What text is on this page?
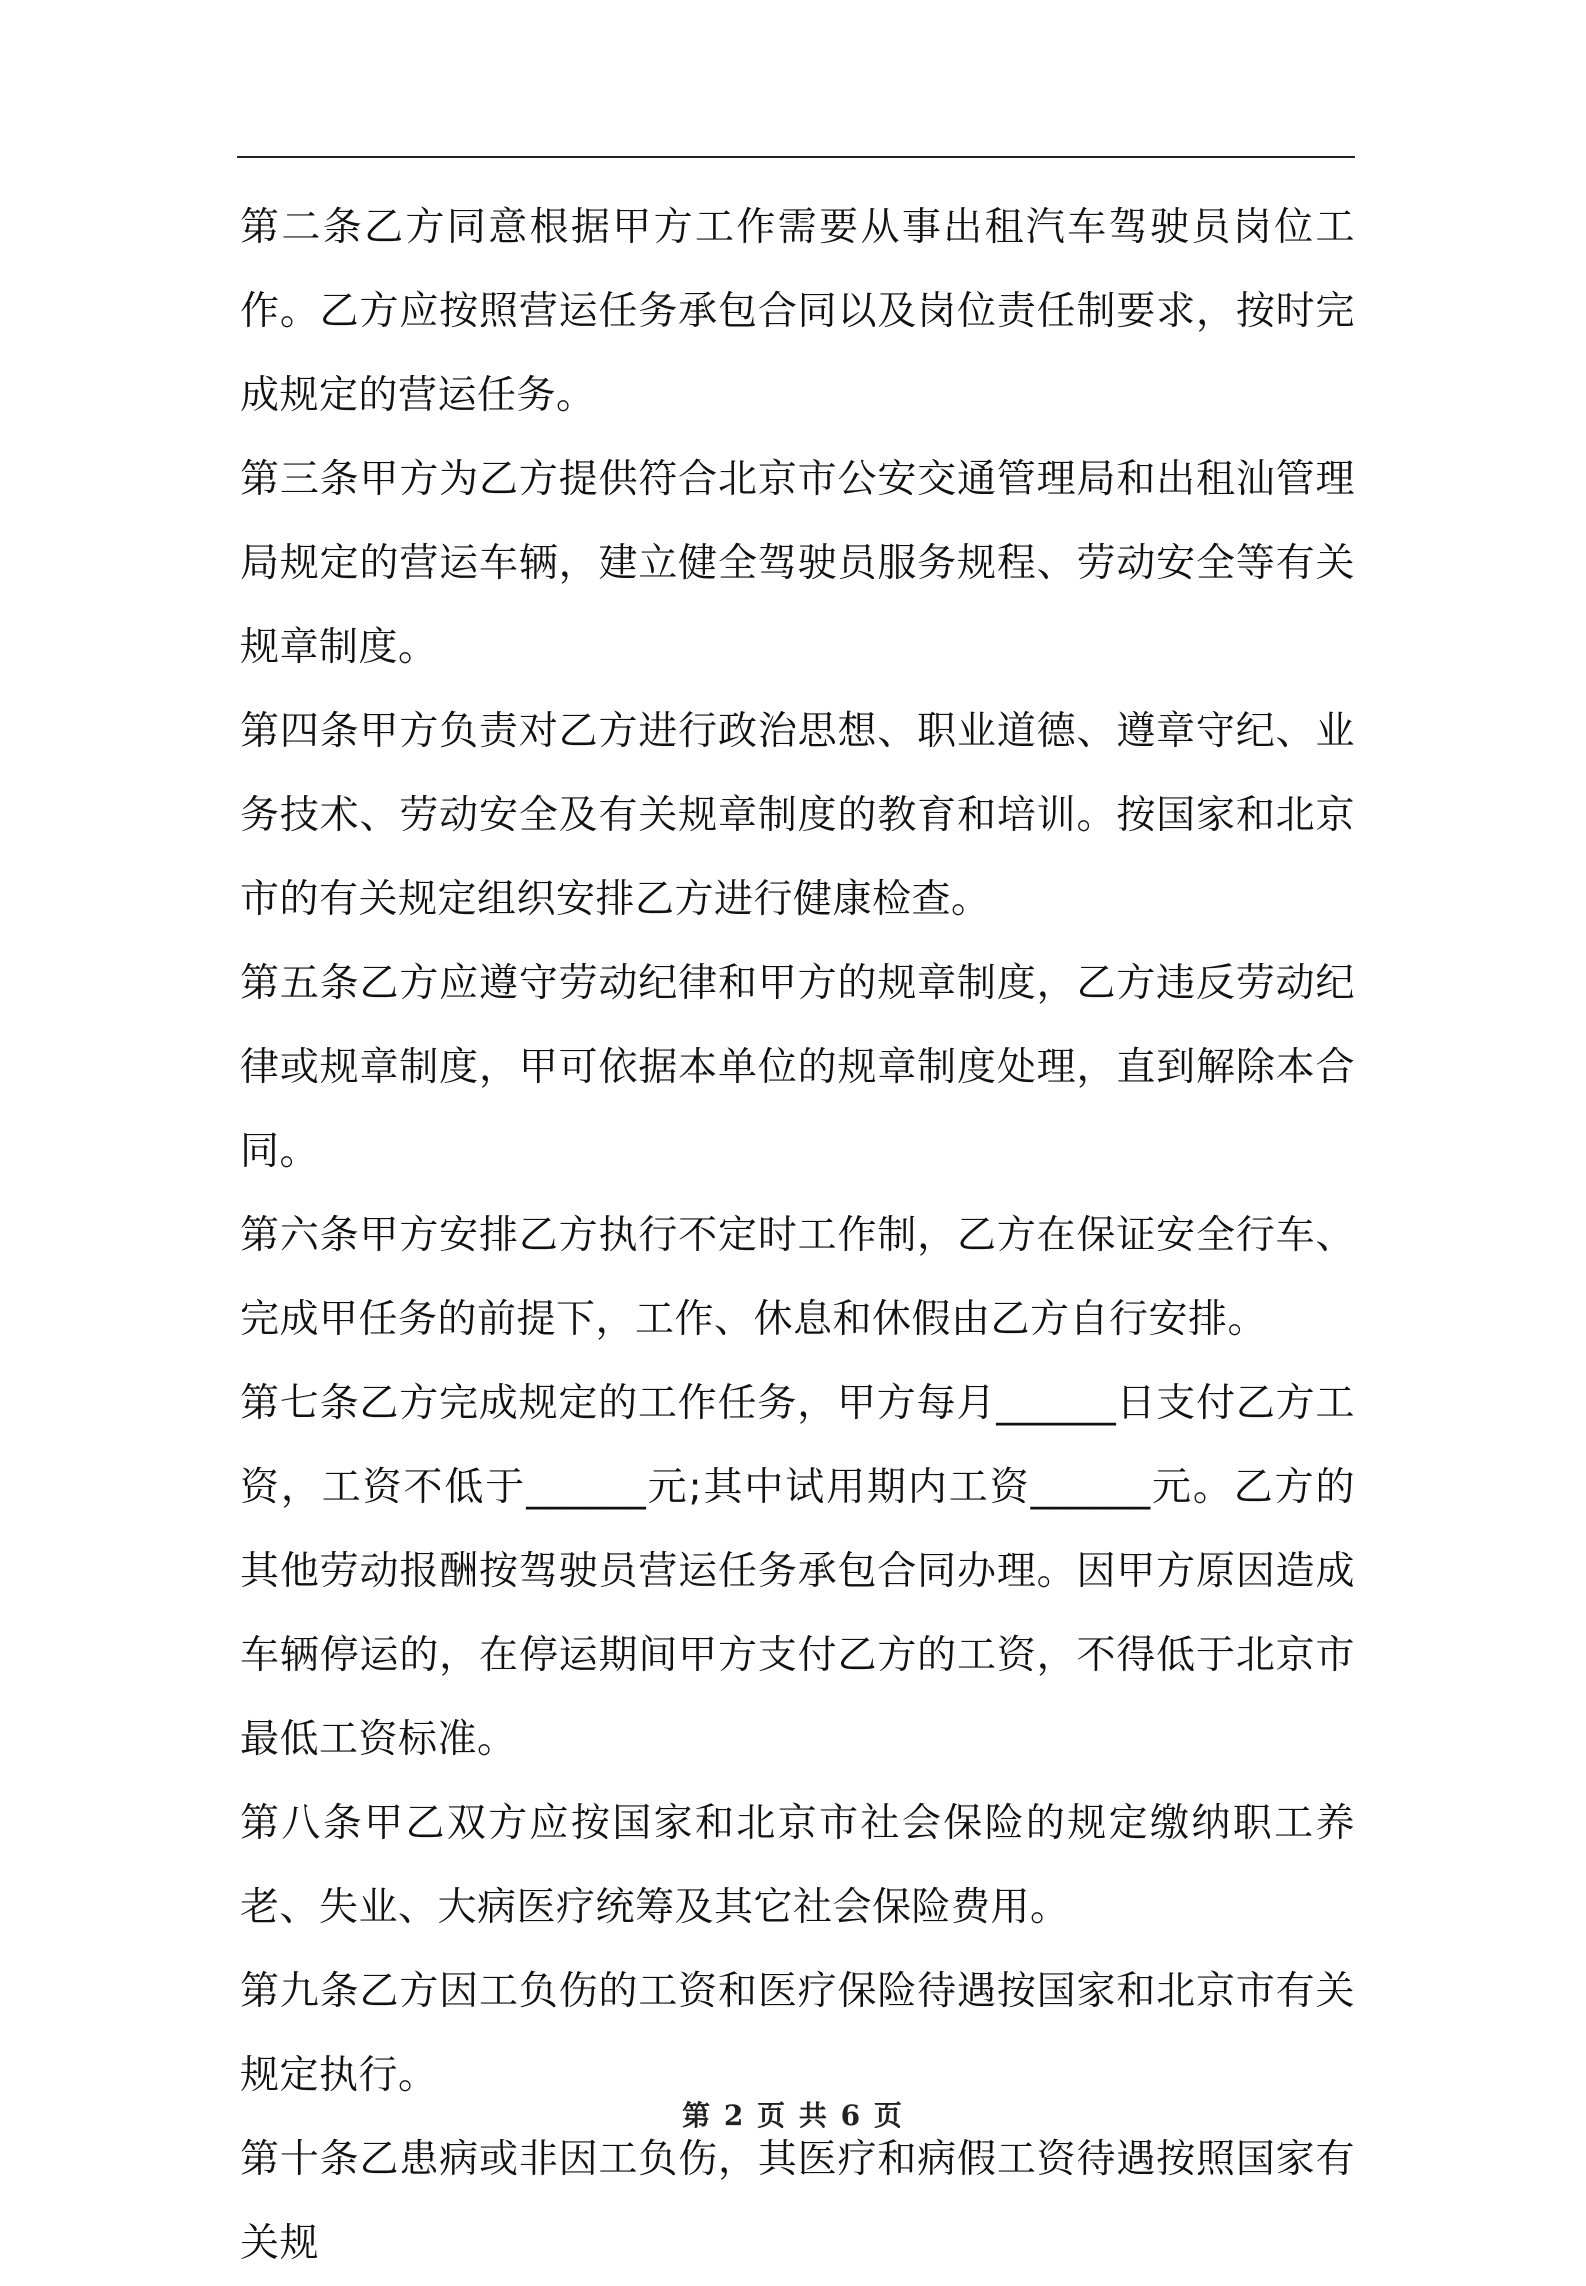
第二条乙方同意根据甲方工作需要从事出租汽车驾驶员岗位工作。乙方应按照营运任务承包合同以及岗位责任制要求，按时完成规定的营运任务。

第三条甲方为乙方提供符合北京市公安交通管理局和出租汕管理局规定的营运车辆，建立健全驾驶员服务规程、劳动安全等有关规章制度。

第四条甲方负责对乙方进行政治思想、职业道德、遵章守纪、业务技术、劳动安全及有关规章制度的教育和培训。按国家和北京市的有关规定组织安排乙方进行健康检查。

第五条乙方应遵守劳动纪律和甲方的规章制度，乙方违反劳动纪律或规章制度，甲可依据本单位的规章制度处理，直到解除本合同。

第六条甲方安排乙方执行不定时工作制，乙方在保证安全行车、完成甲任务的前提下，工作、休息和休假由乙方自行安排。

第七条乙方完成规定的工作任务，甲方每月______日支付乙方工资，工资不低于______元;其中试用期内工资______元。乙方的其他劳动报酬按驾驶员营运任务承包合同办理。因甲方原因造成车辆停运的，在停运期间甲方支付乙方的工资，不得低于北京市最低工资标准。

第八条甲乙双方应按国家和北京市社会保险的规定缴纳职工养老、失业、大病医疗统筹及其它社会保险费用。

第九条乙方因工负伤的工资和医疗保险待遇按国家和北京市有关规定执行。

第十条乙患病或非因工负伤，其医疗和病假工资待遇按照国家有关规

第 2 页 共 6 页
